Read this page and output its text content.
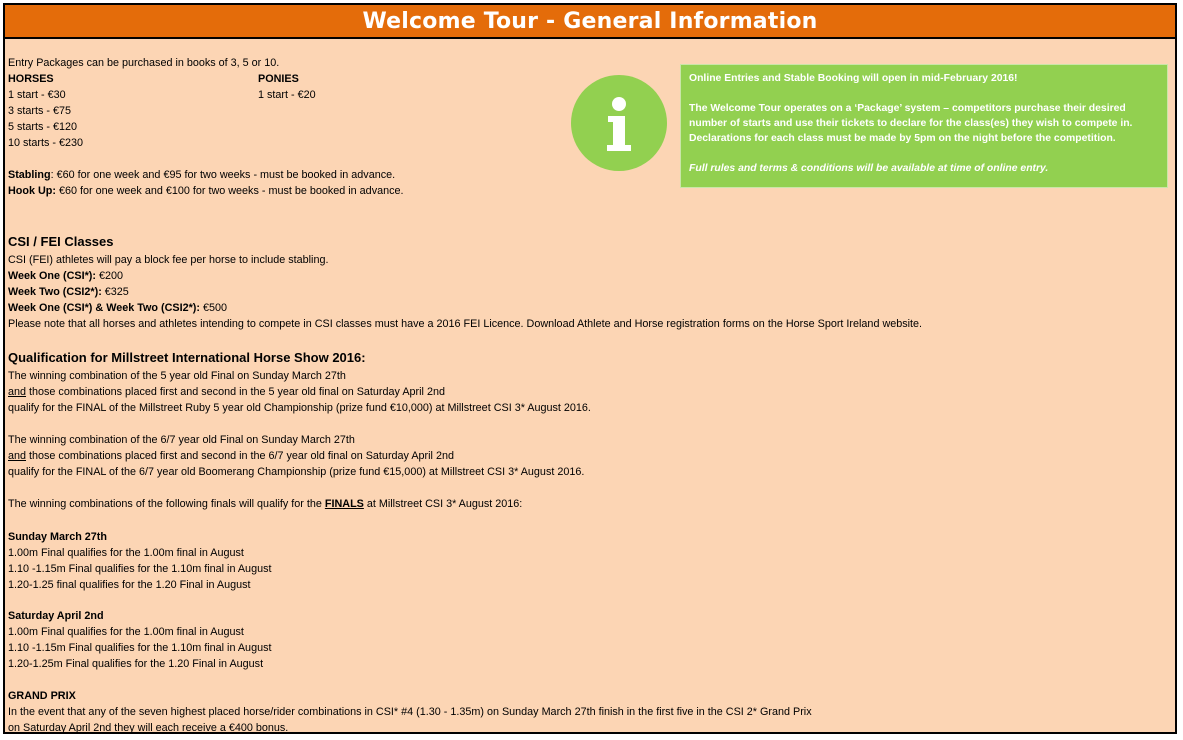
Welcome Tour - General Information
Entry Packages can be purchased in books of 3, 5 or 10.
HORSES	PONIES
1 start - €30	1 start - €20
3 starts - €75
5 starts - €120
10 starts - €230
Stabling: €60 for one week and €95 for two weeks - must be booked in advance.
Hook Up: €60 for one week and €100 for two weeks - must be booked in advance.
CSI / FEI Classes
CSI (FEI) athletes will pay a block fee per horse to include stabling.
Week One (CSI*): €200
Week Two (CSI2*): €325
Week One (CSI*) & Week Two (CSI2*): €500
Please note that all horses and athletes intending to compete in CSI classes must have a 2016 FEI Licence. Download Athlete and Horse registration forms on the Horse Sport Ireland website.
Qualification for Millstreet International Horse Show 2016:
The winning combination of the 5 year old Final on Sunday March 27th
and those combinations placed first and second in the 5 year old final on Saturday April 2nd
qualify for the FINAL of the Millstreet Ruby 5 year old Championship (prize fund €10,000) at Millstreet CSI 3* August 2016.
The winning combination of the 6/7 year old Final on Sunday March 27th
and those combinations placed first and second in the 6/7 year old final on Saturday April 2nd
qualify for the FINAL of the 6/7 year old Boomerang Championship (prize fund €15,000) at Millstreet CSI 3* August 2016.
The winning combinations of the following finals will qualify for the FINALS at Millstreet CSI 3* August 2016:
Sunday March 27th
1.00m Final qualifies for the 1.00m final in August
1.10 -1.15m Final qualifies for the 1.10m final in August
1.20-1.25 final qualifies for the 1.20 Final in August
Saturday April 2nd
1.00m Final qualifies for the 1.00m final in August
1.10 -1.15m Final qualifies for the 1.10m final in August
1.20-1.25m Final qualifies for the 1.20 Final in August
GRAND PRIX
In the event that any of the seven highest placed horse/rider combinations in CSI* #4 (1.30 - 1.35m) on Sunday March 27th finish in the first five in the CSI 2* Grand Prix
on Saturday April 2nd they will each receive a €400 bonus.

Online Entries and Stable Booking will open in mid-February 2016!

The Welcome Tour operates on a ‘Package’ system – competitors purchase their desired number of starts and use their tickets to declare for the class(es) they wish to compete in. Declarations for each class must be made by 5pm on the night before the competition.

Full rules and terms & conditions will be available at time of online entry.
